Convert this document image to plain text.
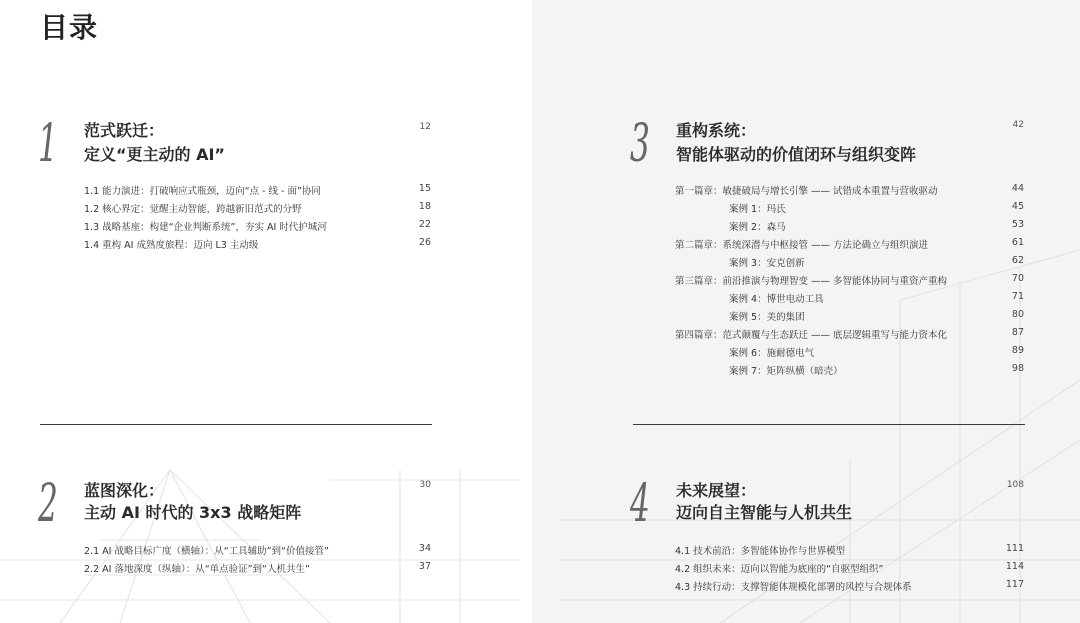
目录
1 范式跃迁：
定义“更主动的 AI”
12
1.1 能力演进：打破响应式瓶颈，迈向“点 - 线 - 面”协同	15
1.2 核心界定：觉醒主动智能，跨越新旧范式的分野	18
1.3 战略基座：构建“企业判断系统”，夯实 AI 时代护城河	22
1.4 重构 AI 成熟度旅程：迈向 L3 主动级	26
2 蓝图深化：
主动 AI 时代的 3x3 战略矩阵
30
2.1 AI 战略目标广度（横轴）：从“工具辅助”到“价值接管”	34
2.2 AI 落地深度（纵轴）：从“单点验证”到“人机共生”	37
3 重构系统：
智能体驱动的价值闭环与组织变阵
42
第一篇章：敏捷破局与增长引擎 —— 试错成本重置与营收驱动	44
案例 1：玛氏	45
案例 2：森马	53
第二篇章：系统深潜与中枢接管 —— 方法论确立与组织演进	61
案例 3：安克创新	62
第三篇章：前沿推演与物理智变 —— 多智能体协同与重资产重构	70
案例 4：博世电动工具	71
案例 5：美的集团	80
第四篇章：范式颠覆与生态跃迁 —— 底层逻辑重写与能力资本化	87
案例 6：施耐德电气	89
案例 7：矩阵纵横（暗壳）	98
4 未来展望：
迈向自主智能与人机共生
108
4.1 技术前沿：多智能体协作与世界模型	111
4.2 组织未来：迈向以智能为底座的“自驱型组织”	114
4.3 持续行动：支撑智能体规模化部署的风控与合规体系	117
